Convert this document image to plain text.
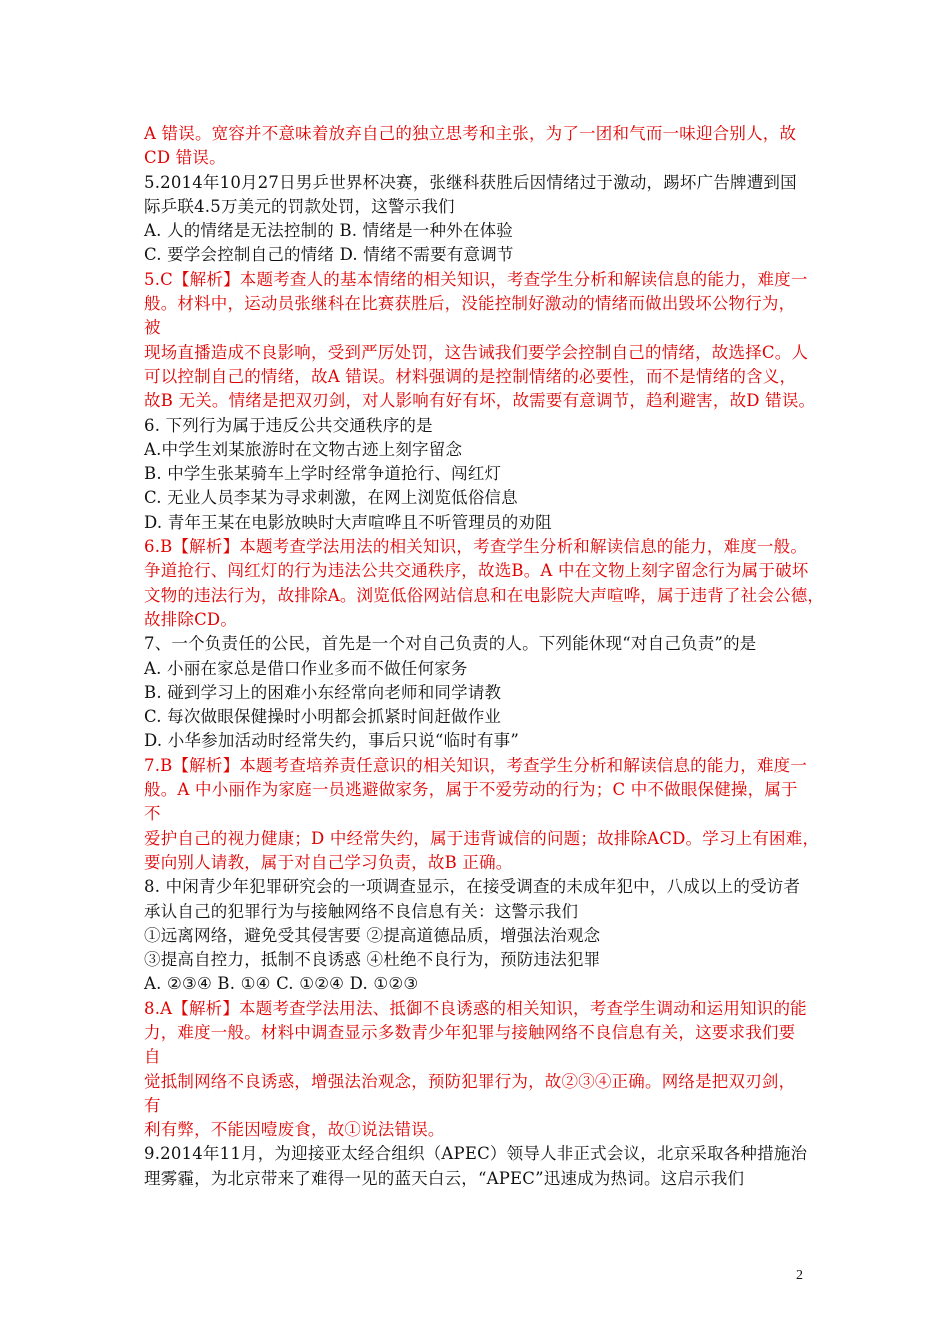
A 错误。宽容并不意味着放弃自己的独立思考和主张，为了一团和气而一味迎合别人，故
CD 错误。
5.2014年10月27日男乒世界杯决赛，张继科获胜后因情绪过于激动，踢坏广告牌遭到国
际乒联4.5万美元的罚款处罚，这警示我们
A. 人的情绪是无法控制的 B. 情绪是一种外在体验
C. 要学会控制自己的情绪 D. 情绪不需要有意调节
5.C【解析】本题考查人的基本情绪的相关知识，考查学生分析和解读信息的能力，难度一
般。材料中，运动员张继科在比赛获胜后，没能控制好激动的情绪而做出毁坏公物行为，
被
现场直播造成不良影响，受到严厉处罚，这告诫我们要学会控制自己的情绪，故选择C。人
可以控制自己的情绪，故A 错误。材料强调的是控制情绪的必要性，而不是情绪的含义，
故B 无关。情绪是把双刃剑，对人影响有好有坏，故需要有意调节，趋利避害，故D 错误。
6. 下列行为属于违反公共交通秩序的是
A.中学生刘某旅游时在文物古迹上刻字留念
B. 中学生张某骑车上学时经常争道抢行、闯红灯
C. 无业人员李某为寻求刺激，在网上浏览低俗信息
D. 青年王某在电影放映时大声喧哗且不听管理员的劝阻
6.B【解析】本题考查学法用法的相关知识，考查学生分析和解读信息的能力，难度一般。
争道抢行、闯红灯的行为违法公共交通秩序，故选B。A 中在文物上刻字留念行为属于破坏
文物的违法行为，故排除A。浏览低俗网站信息和在电影院大声喧哗，属于违背了社会公德，
故排除CD。
7、一个负责任的公民，首先是一个对自己负责的人。下列能休现“对自己负责”的是
A. 小丽在家总是借口作业多而不做任何家务
B. 碰到学习上的困难小东经常向老师和同学请教
C. 每次做眼保健操时小明都会抓紧时间赶做作业
D. 小华参加活动时经常失约，事后只说“临时有事”
7.B【解析】本题考查培养责任意识的相关知识，考查学生分析和解读信息的能力，难度一
般。A 中小丽作为家庭一员逃避做家务，属于不爱劳动的行为；C 中不做眼保健操，属于
不
爱护自己的视力健康；D 中经常失约，属于违背诚信的问题；故排除ACD。学习上有困难，
要向别人请教，属于对自己学习负责，故B 正确。
8. 中闲青少年犯罪研究会的一项调查显示，在接受调查的未成年犯中，八成以上的受访者
承认自己的犯罪行为与接触网络不良信息有关：这警示我们
①远离网络，避免受其侵害要 ②提高道德品质，增强法治观念
③提高自控力，抵制不良诱惑 ④杜绝不良行为，预防违法犯罪
A. ②③④ B. ①④ C. ①②④ D. ①②③
8.A【解析】本题考查学法用法、抵御不良诱惑的相关知识，考查学生调动和运用知识的能
力，难度一般。材料中调查显示多数青少年犯罪与接触网络不良信息有关，这要求我们要
自
觉抵制网络不良诱惑，增强法治观念，预防犯罪行为，故②③④正确。网络是把双刃剑，
有
利有弊，不能因噎废食，故①说法错误。
9.2014年11月，为迎接亚太经合组织（APEC）领导人非正式会议，北京采取各种措施治
理雾霾，为北京带来了难得一见的蓝天白云，“APEC”迅速成为热词。这启示我们
2
